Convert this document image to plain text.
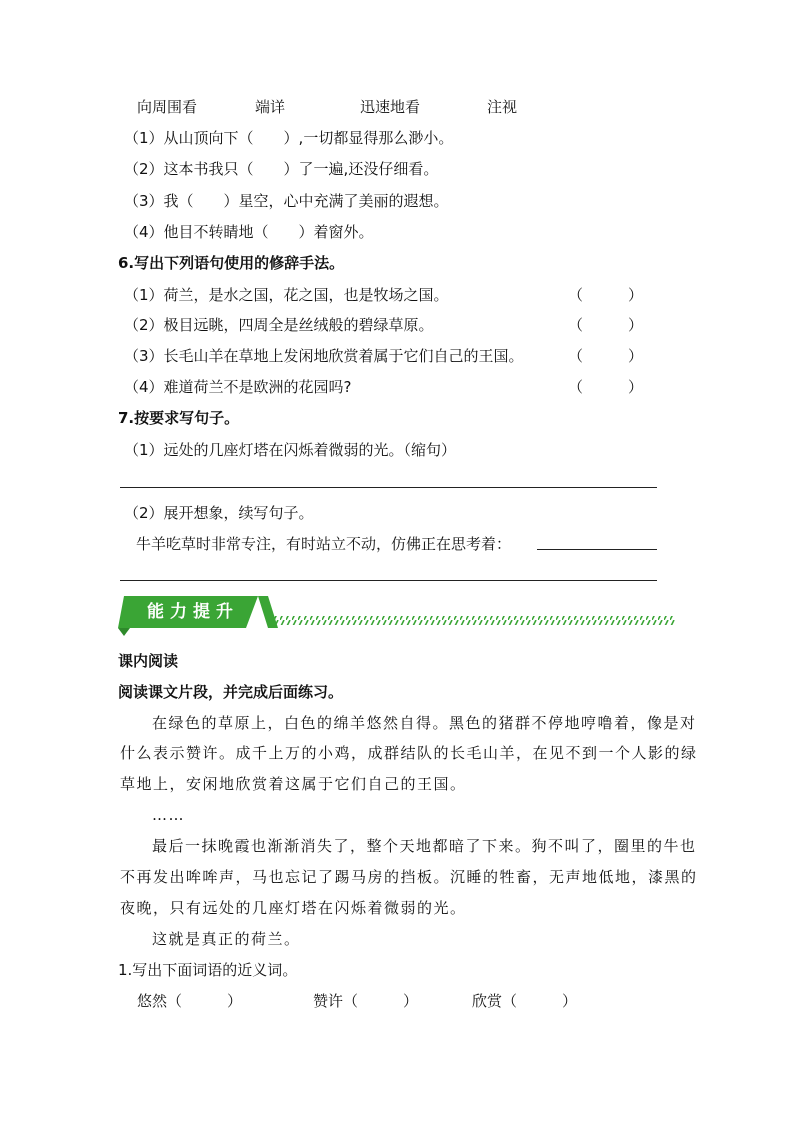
向周围看	端详	迅速地看	注视
（1）从山顶向下（　　）,一切都显得那么渺小。
（2）这本书我只（　　）了一遍,还没仔细看。
（3）我（　　）星空，心中充满了美丽的遐想。
（4）他目不转睛地（　　）着窗外。
6.写出下列语句使用的修辞手法。
（1）荷兰，是水之国，花之国，也是牧场之国。	（　　　）
（2）极目远眺，四周全是丝绒般的碧绿草原。	（　　　）
（3）长毛山羊在草地上发闲地欣赏着属于它们自己的王国。	（　　　）
（4）难道荷兰不是欧洲的花园吗?	（　　　）
7.按要求写句子。
（1）远处的几座灯塔在闪烁着微弱的光。（缩句）
（2）展开想象，续写句子。
牛羊吃草时非常专注，有时站立不动，仿佛正在思考着：
能力提升
课内阅读
阅读课文片段，并完成后面练习。
在绿色的草原上，白色的绵羊悠然自得。黑色的猪群不停地哼噜着，像是对
什么表示赞许。成千上万的小鸡，成群结队的长毛山羊，在见不到一个人影的绿
草地上，安闲地欣赏着这属于它们自己的王国。
……
最后一抹晚霞也渐渐消失了，整个天地都暗了下来。狗不叫了，圈里的牛也
不再发出哞哞声，马也忘记了踢马房的挡板。沉睡的牲畜，无声地低地，漆黑的
夜晚，只有远处的几座灯塔在闪烁着微弱的光。
这就是真正的荷兰。
1.写出下面词语的近义词。
悠然（　　　）	赞许（　　　）	欣赏（　　　）
